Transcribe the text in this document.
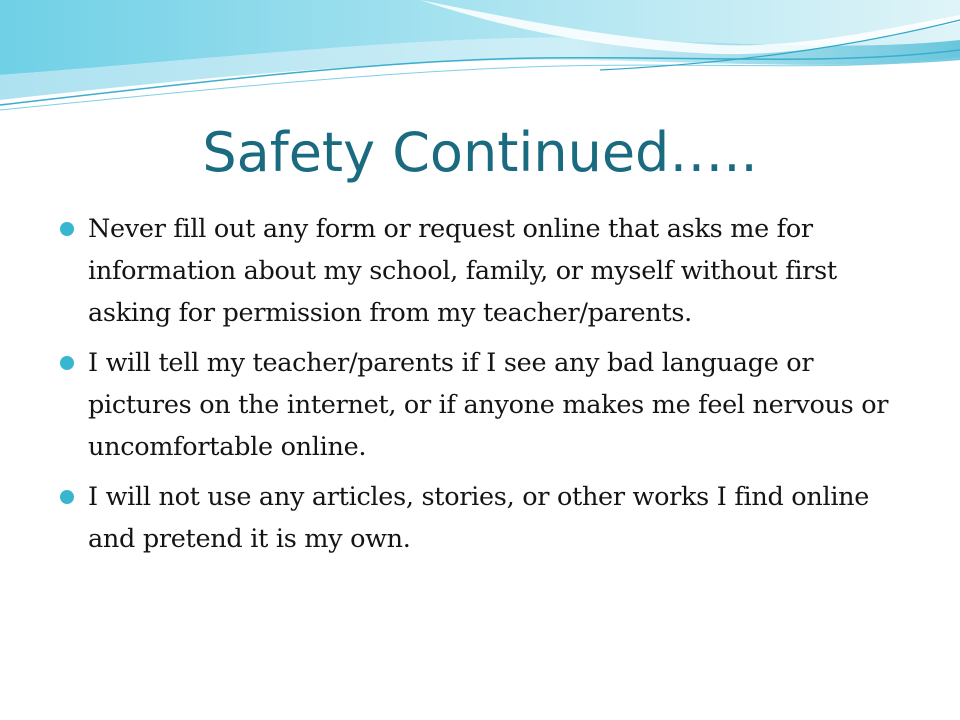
Safety Continued…..
Never fill out any form or request online that asks me for information about my school, family, or myself without first asking for permission from my teacher/parents.
I will tell my teacher/parents if I see any bad language or pictures on the internet, or if anyone makes me feel nervous or uncomfortable online.
I will not use any articles, stories, or other works I find online and pretend it is my own.
